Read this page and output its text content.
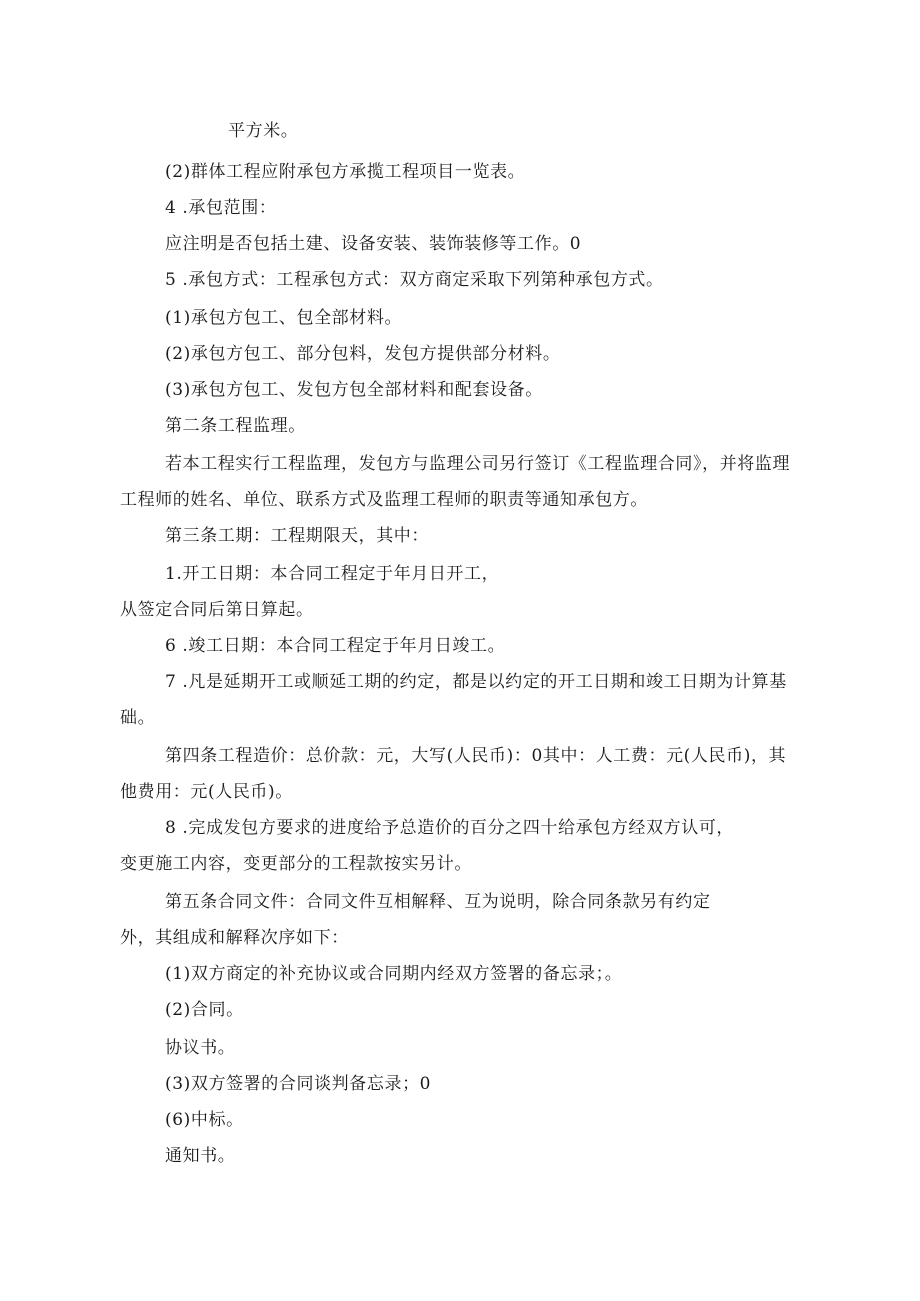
平方米。
(2)群体工程应附承包方承揽工程项目一览表。
4 .承包范围：
应注明是否包括土建、设备安装、装饰装修等工作。0
5 .承包方式：工程承包方式：双方商定采取下列第种承包方式。
(1)承包方包工、包全部材料。
(2)承包方包工、部分包料，发包方提供部分材料。
(3)承包方包工、发包方包全部材料和配套设备。
第二条工程监理。
若本工程实行工程监理，发包方与监理公司另行签订《工程监理合同》，并将监理
工程师的姓名、单位、联系方式及监理工程师的职责等通知承包方。
第三条工期：工程期限天，其中：
1.开工日期：本合同工程定于年月日开工，
从签定合同后第日算起。
6 .竣工日期：本合同工程定于年月日竣工。
7 .凡是延期开工或顺延工期的约定，都是以约定的开工日期和竣工日期为计算基
础。
第四条工程造价：总价款：元，大写(人民币)：0其中：人工费：元(人民币)，其
他费用：元(人民币)。
8 .完成发包方要求的进度给予总造价的百分之四十给承包方经双方认可，
变更施工内容，变更部分的工程款按实另计。
第五条合同文件：合同文件互相解释、互为说明，除合同条款另有约定
外，其组成和解释次序如下：
(1)双方商定的补充协议或合同期内经双方签署的备忘录；。
(2)合同。
协议书。
(3)双方签署的合同谈判备忘录；0
(6)中标。
通知书。
